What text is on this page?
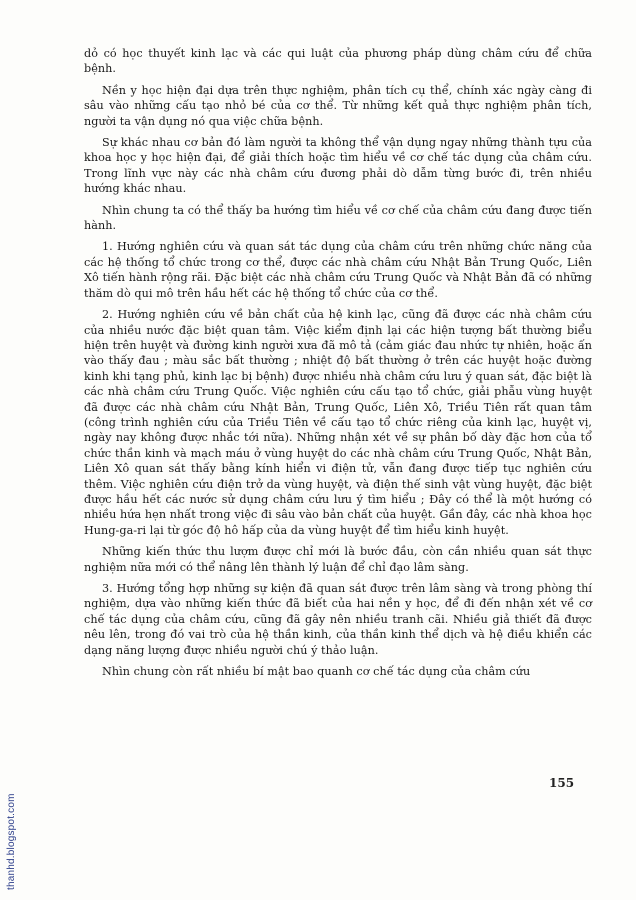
dỏ có học thuyết kinh lạc và các qui luật của phương pháp dùng châm cứu để chữa bệnh.

Nền y học hiện đại dựa trên thực nghiệm, phân tích cụ thể, chính xác ngày càng đi sâu vào những cấu tạo nhỏ bé của cơ thể. Từ những kết quả thực nghiệm phân tích, người ta vận dụng nó qua việc chữa bệnh.

Sự khác nhau cơ bản đó làm người ta không thể vận dụng ngay những thành tựu của khoa học y học hiện đại, để giải thích hoặc tìm hiểu về cơ chế tác dụng của châm cứu. Trong lĩnh vực này các nhà châm cứu đương phải dò dẫm từng bước đi, trên nhiều hướng khác nhau.

Nhìn chung ta có thể thấy ba hướng tìm hiểu về cơ chế của châm cứu đang được tiến hành.

1. Hướng nghiên cứu và quan sát tác dụng của châm cứu trên những chức năng của các hệ thống tổ chức trong cơ thể, được các nhà châm cứu Nhật Bản Trung Quốc, Liên Xô tiến hành rộng rãi. Đặc biệt các nhà châm cứu Trung Quốc và Nhật Bản đã có những thăm dò qui mô trên hầu hết các hệ thống tổ chức của cơ thể.

2. Hướng nghiên cứu về bản chất của hệ kinh lạc, cũng đã được các nhà châm cứu của nhiều nước đặc biệt quan tâm. Việc kiểm định lại các hiện tượng bất thường biểu hiện trên huyệt và đường kinh người xưa đã mô tả (cảm giác đau nhức tự nhiên, hoặc ấn vào thấy đau ; màu sắc bất thường ; nhiệt độ bất thường ở trên các huyệt hoặc đường kinh khi tạng phủ, kinh lạc bị bệnh) được nhiều nhà châm cứu lưu ý quan sát, đặc biệt là các nhà châm cứu Trung Quốc. Việc nghiên cứu cấu tạo tổ chức, giải phẫu vùng huyệt đã được các nhà châm cứu Nhật Bản, Trung Quốc, Liên Xô, Triều Tiên rất quan tâm (công trình nghiên cứu của Triều Tiên về cấu tạo tổ chức riêng của kinh lạc, huyệt vị, ngày nay không được nhắc tới nữa). Những nhận xét về sự phân bố dày đặc hơn của tổ chức thần kinh và mạch máu ở vùng huyệt do các nhà châm cứu Trung Quốc, Nhật Bản, Liên Xô quan sát thấy bằng kính hiển vi điện tử, vẫn đang được tiếp tục nghiên cứu thêm. Việc nghiên cứu điện trở da vùng huyệt, và điện thế sinh vật vùng huyệt, đặc biệt được hầu hết các nước sử dụng châm cứu lưu ý tìm hiểu ; Đây có thể là một hướng có nhiều hứa hẹn nhất trong việc đi sâu vào bản chất của huyệt. Gần đây, các nhà khoa học Hung-ga-ri lại từ góc độ hô hấp của da vùng huyệt để tìm hiểu kinh huyệt.

Những kiến thức thu lượm được chỉ mới là bước đầu, còn cần nhiều quan sát thực nghiệm nữa mới có thể nâng lên thành lý luận để chỉ đạo lâm sàng.

3. Hướng tổng hợp những sự kiện đã quan sát được trên lâm sàng và trong phòng thí nghiệm, dựa vào những kiến thức đã biết của hai nền y học, để đi đến nhận xét về cơ chế tác dụng của châm cứu, cũng đã gây nên nhiều tranh cãi. Nhiều giả thiết đã được nêu lên, trong đó vai trò của hệ thần kinh, của thần kinh thể dịch và hệ điều khiển các dạng năng lượng được nhiều người chú ý thảo luận.

Nhìn chung còn rất nhiều bí mật bao quanh cơ chế tác dụng của châm cứu

155
thanhd.blogspot.com
